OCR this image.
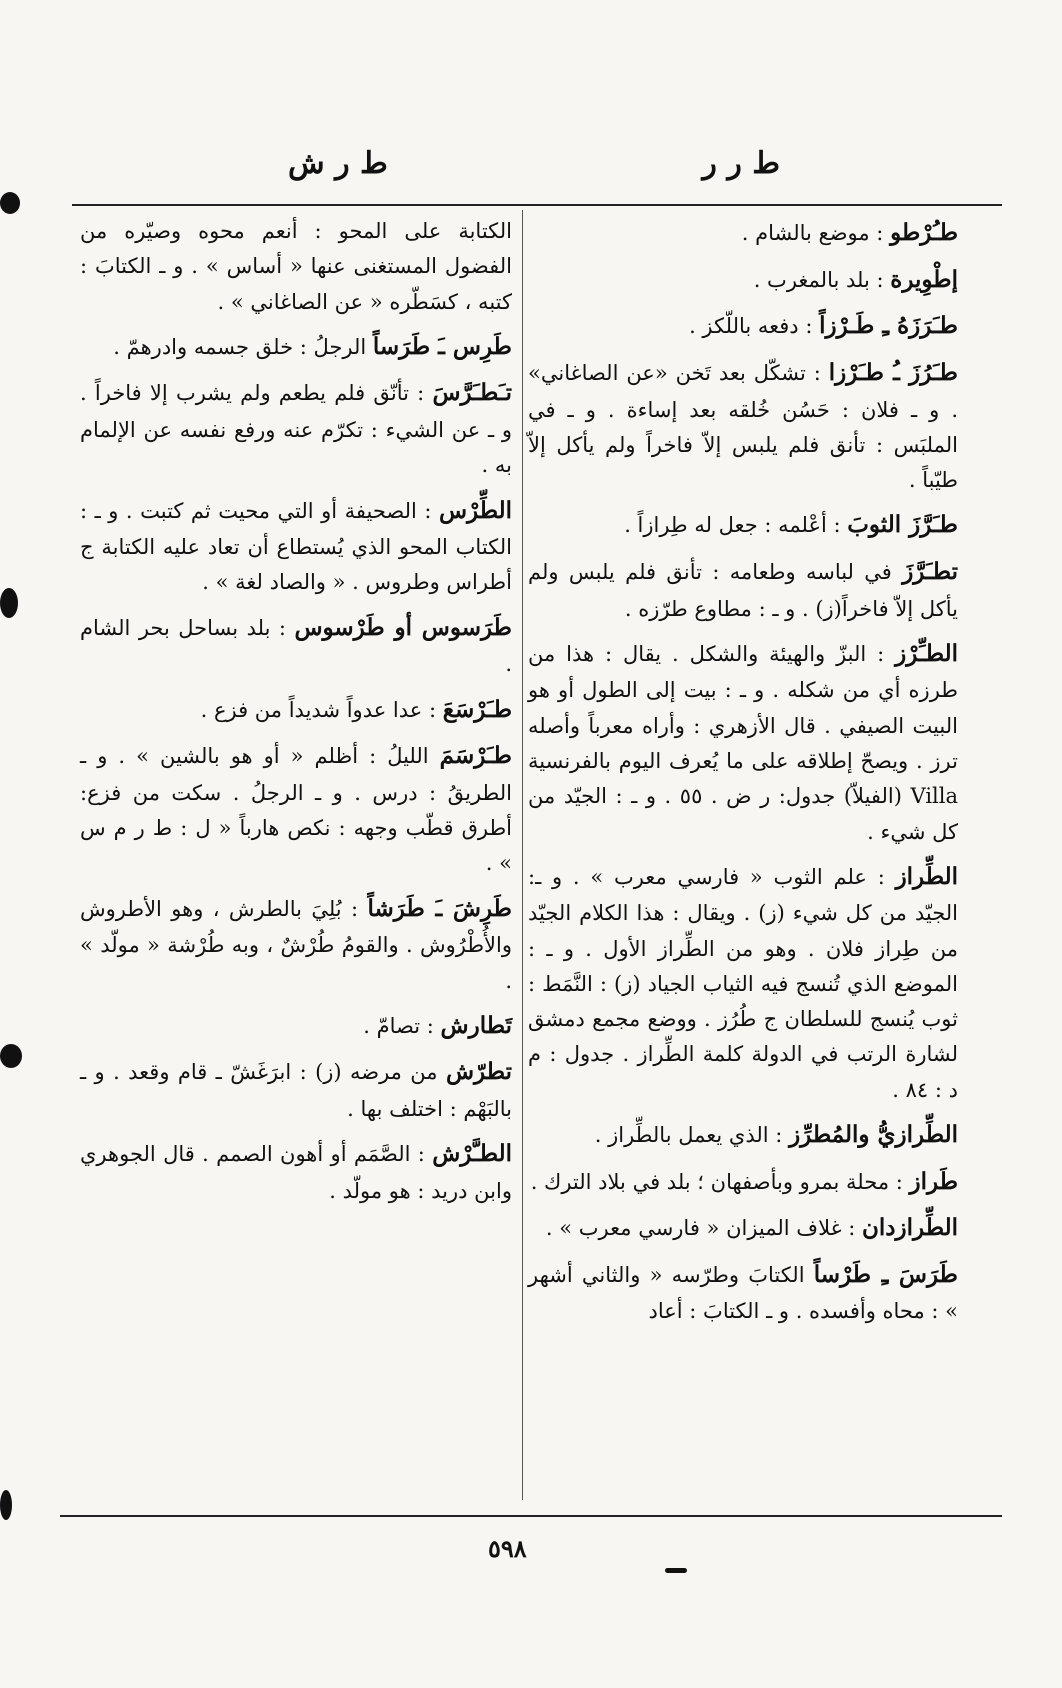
ط ر ر
ط ر ش

طـُرْطو : موضع بالشام .

إطْوِيرة : بلد بالمغرب .

طـَرَزَهُ ـِ طَـرْزاً : دفعه باللّكز .

طـَرُزَ ـُ طـَرْزا : تشكّل بعد تَخن «عن الصاغاني» . و ـ فلان : حَسُن خُلقه بعد إساءة . و ـ في الملبَس : تأنق فلم يلبس إلاّ فاخراً ولم يأكل إلاّ طيّباً .

طـَرَّزَ الثوبَ : أعْلمه : جعل له طِرازاً .

تطـَرَّزَ في لباسه وطعامه : تأنق فلم يلبس ولم يأكل إلاّ فاخراً(ز) . و ـ : مطاوع طرّزه .

الطـِّرْز : البزّ والهيئة والشكل . يقال : هذا من طرزه أي من شكله . و ـ : بيت إلى الطول أو هو البيت الصيفي . قال الأزهري : وأراه معرباً وأصله ترز . ويصحّ إطلاقه على ما يُعرف اليوم بالفرنسية Villa (الفيلاّ) جدول: ر ض . ٥٥ . و ـ : الجيّد من كل شيء .

الطِّراز : علم الثوب « فارسي معرب » . و ـ: الجيّد من كل شيء (ز) . ويقال : هذا الكلام الجيّد من طِراز فلان . وهو من الطِّراز الأول . و ـ : الموضع الذي تُنسج فيه الثياب الجياد (ز) : النَّمَط : ثوب يُنسج للسلطان ج طُرُز . ووضع مجمع دمشق لشارة الرتب في الدولة كلمة الطِّراز . جدول : م د : ٨٤ .

الطِّرازيُّ والمُطرِّز : الذي يعمل بالطِّراز .

طَراز : محلة بمرو وبأصفهان ؛ بلد في بلاد الترك .

الطِّرازدان : غلاف الميزان « فارسي معرب » .

طَرَسَ ـِ طَرْساً الكتابَ وطرّسه « والثاني أشهر » : محاه وأفسده . و ـ الكتابَ : أعاد

الكتابة على المحو : أنعم محوه وصيّره من الفضول المستغنى عنها « أساس » . و ـ الكتابَ : كتبه ، كسَطّره « عن الصاغاني » .

طَرِس ـَ طَرَساً الرجلُ : خلق جسمه وادرهمّ .

تـَطـَرَّسَ : تأنّق فلم يطعم ولم يشرب إلا فاخراً . و ـ عن الشيء : تكرّم عنه ورفع نفسه عن الإلمام به .

الطِّرْس : الصحيفة أو التي محيت ثم كتبت . و ـ : الكتاب المحو الذي يُستطاع أن تعاد عليه الكتابة ج أطراس وطروس . « والصاد لغة » .

طَرَسوس أو طَرْسوس : بلد بساحل بحر الشام .

طـَرْسَعَ : عدا عدواً شديداً من فزع .

طـَرْسَمَ الليلُ : أظلم « أو هو بالشين » . و ـ الطريقُ : درس . و ـ الرجلُ . سكت من فزع: أطرق قطّب وجهه : نكص هارباً « ل : ط ر م س » .

طَرِشَ ـَ طَرَشاً : بُلِيَ بالطرش ، وهو الأطروش والأُطْرُوش . والقومُ طُرْشٌ ، وبه طُرْشة « مولّد » .

تَطارش : تصامّ .

تطرّش من مرضه (ز) : ابرَغَشّ ـ قام وقعد . و ـ بالبَهْم : اختلف بها .

الطـَّرْش : الصَّمَم أو أهون الصمم . قال الجوهري وابن دريد : هو مولّد .

٥٩٨
